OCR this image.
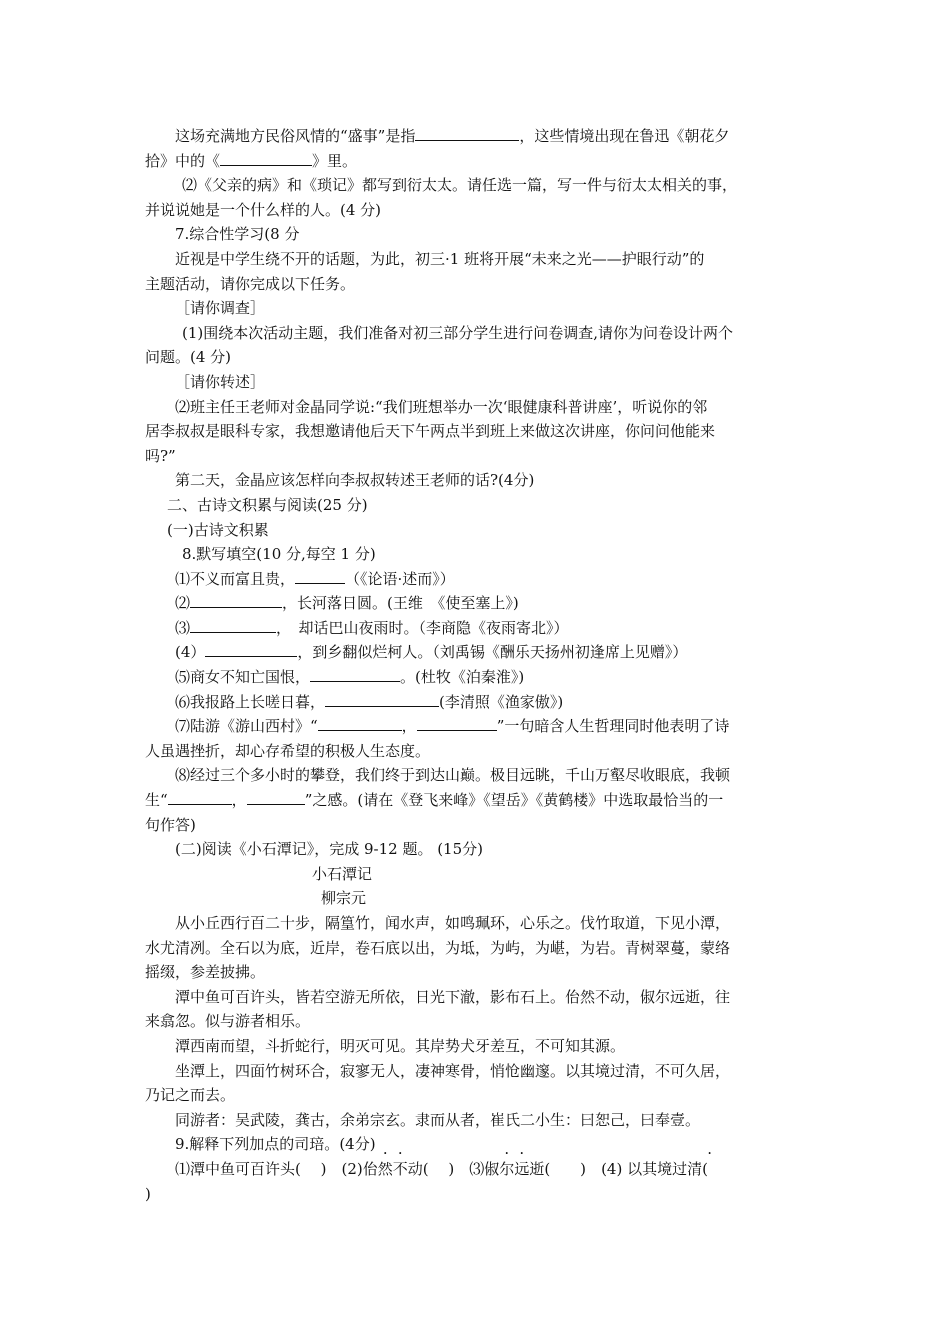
这场充满地方民俗风情的“盛事”是指	，这些情境出现在鲁迅《朝花夕
拾》中的《	》里。
⑵《父亲的病》和《琐记》都写到衍太太。请任选一篇，写一件与衍太太相关的事，
并说说她是一个什么样的人。(4 分)
7.综合性学习(8 分
近视是中学生绕不开的话题，为此，初三·1 班将开展“未来之光——护眼行动”的
主题活动，请你完成以下任务。
［请你调查］
(1)围绕本次活动主题，我们准备对初三部分学生进行问卷调查,请你为问卷设计两个
问题。(4 分)
［请你转述］
⑵班主任王老师对金晶同学说:“我们班想举办一次‘眼健康科普讲座’，听说你的邻
居李叔叔是眼科专家，我想邀请他后天下午两点半到班上来做这次讲座，你问问他能来
吗?”
第二天，金晶应该怎样向李叔叔转述王老师的话?(4分)
二、古诗文积累与阅读(25 分)
(一)古诗文积累
8.默写填空(10 分,每空 1 分)
⑴不义而富且贵，	（《论语·述而》）
⑵	，长河落日圆。(王维　《使至塞上》)
⑶	，　却话巴山夜雨时。（李商隐《夜雨寄北》）
(4）	，到乡翻似烂柯人。（刘禹锡《酬乐天扬州初逢席上见赠》）
⑸商女不知亡国恨，	。(杜牧《泊秦淮》)
⑹我报路上长嗟日暮，	(李清照《渔家傲》)
⑺陆游《游山西村》“	，	”一句暗含人生哲理同时他表明了诗
人虽遇挫折，却心存希望的积极人生态度。
⑻经过三个多小时的攀登，我们终于到达山巅。极目远眺，千山万壑尽收眼底，我顿
生“	，	”之感。(请在《登飞来峰》《望岳》《黄鹤楼》中选取最恰当的一
句作答)
(二)阅读《小石潭记》，完成 9-12 题。 (15分)
小石潭记
柳宗元
从小丘西行百二十步，隔篁竹，闻水声，如鸣珮环，心乐之。伐竹取道，下见小潭，
水尤清冽。全石以为底，近岸，卷石底以出，为坻，为屿，为嵁，为岩。青树翠蔓，蒙络
摇缀，参差披拂。
潭中鱼可百许头，皆若空游无所依，日光下澈，影布石上。佁然不动，俶尔远逝，往
来翕忽。似与游者相乐。
潭西南而望，斗折蛇行，明灭可见。其岸势犬牙差互，不可知其源。
坐潭上，四面竹树环合，寂寥无人，凄神寒骨，悄怆幽邃。以其境过清，不可久居，
乃记之而去。
同游者：吴武陵，龚古，余弟宗玄。隶而从者，崔氏二小生：曰恕己，曰奉壹。
9.解释下列加点的司琣。(4分)
⑴潭中鱼可百许头(　 )　 (2)佁然不动(　 )　 ⑶俶尔远逝(　　)　 (4) 以其境过清(
)
